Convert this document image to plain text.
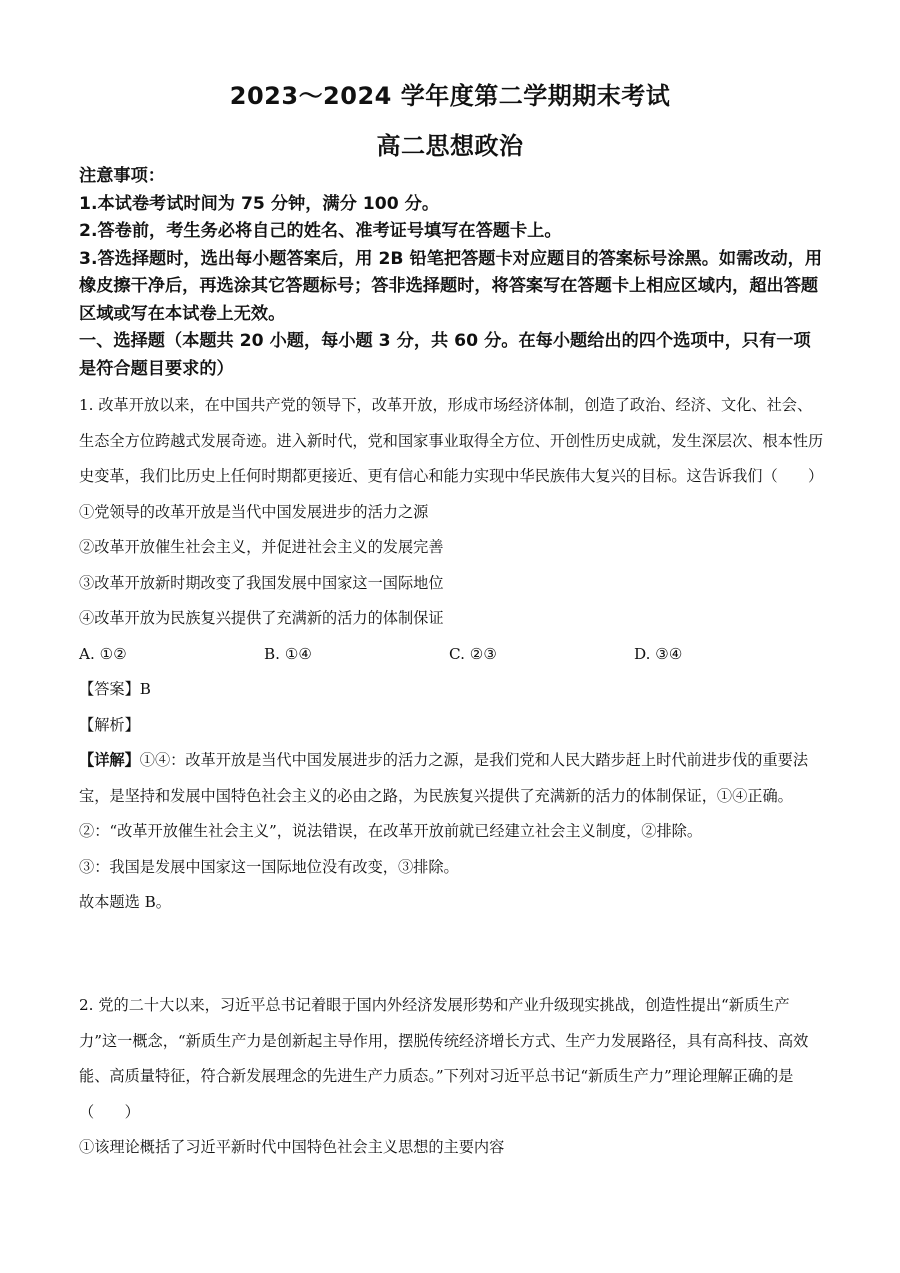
2023～2024 学年度第二学期期末考试
高二思想政治

注意事项：

1.本试卷考试时间为 75 分钟，满分 100 分。

2.答卷前，考生务必将自己的姓名、准考证号填写在答题卡上。

3.答选择题时，选出每小题答案后，用 2B 铅笔把答题卡对应题目的答案标号涂黑。如需改动，用橡皮擦干净后，再选涂其它答题标号；答非选择题时，将答案写在答题卡上相应区域内，超出答题区域或写在本试卷上无效。

一、选择题（本题共 20 小题，每小题 3 分，共 60 分。在每小题给出的四个选项中，只有一项是符合题目要求的）

1. 改革开放以来，在中国共产党的领导下，改革开放，形成市场经济体制，创造了政治、经济、文化、社会、生态全方位跨越式发展奇迹。进入新时代，党和国家事业取得全方位、开创性历史成就，发生深层次、根本性历史变革，我们比历史上任何时期都更接近、更有信心和能力实现中华民族伟大复兴的目标。这告诉我们（　　）

①党领导的改革开放是当代中国发展进步的活力之源

②改革开放催生社会主义，并促进社会主义的发展完善

③改革开放新时期改变了我国发展中国家这一国际地位

④改革开放为民族复兴提供了充满新的活力的体制保证

A. ①②	B. ①④	C. ②③	D. ③④

【答案】B

【解析】

【详解】①④：改革开放是当代中国发展进步的活力之源，是我们党和人民大踏步赶上时代前进步伐的重要法宝，是坚持和发展中国特色社会主义的必由之路，为民族复兴提供了充满新的活力的体制保证，①④正确。

②：“改革开放催生社会主义”，说法错误，在改革开放前就已经建立社会主义制度，②排除。

③：我国是发展中国家这一国际地位没有改变，③排除。

故本题选 B。

2. 党的二十大以来，习近平总书记着眼于国内外经济发展形势和产业升级现实挑战，创造性提出“新质生产力”这一概念，“新质生产力是创新起主导作用，摆脱传统经济增长方式、生产力发展路径，具有高科技、高效能、高质量特征，符合新发展理念的先进生产力质态。”下列对习近平总书记“新质生产力”理论理解正确的是（　　）

①该理论概括了习近平新时代中国特色社会主义思想的主要内容
